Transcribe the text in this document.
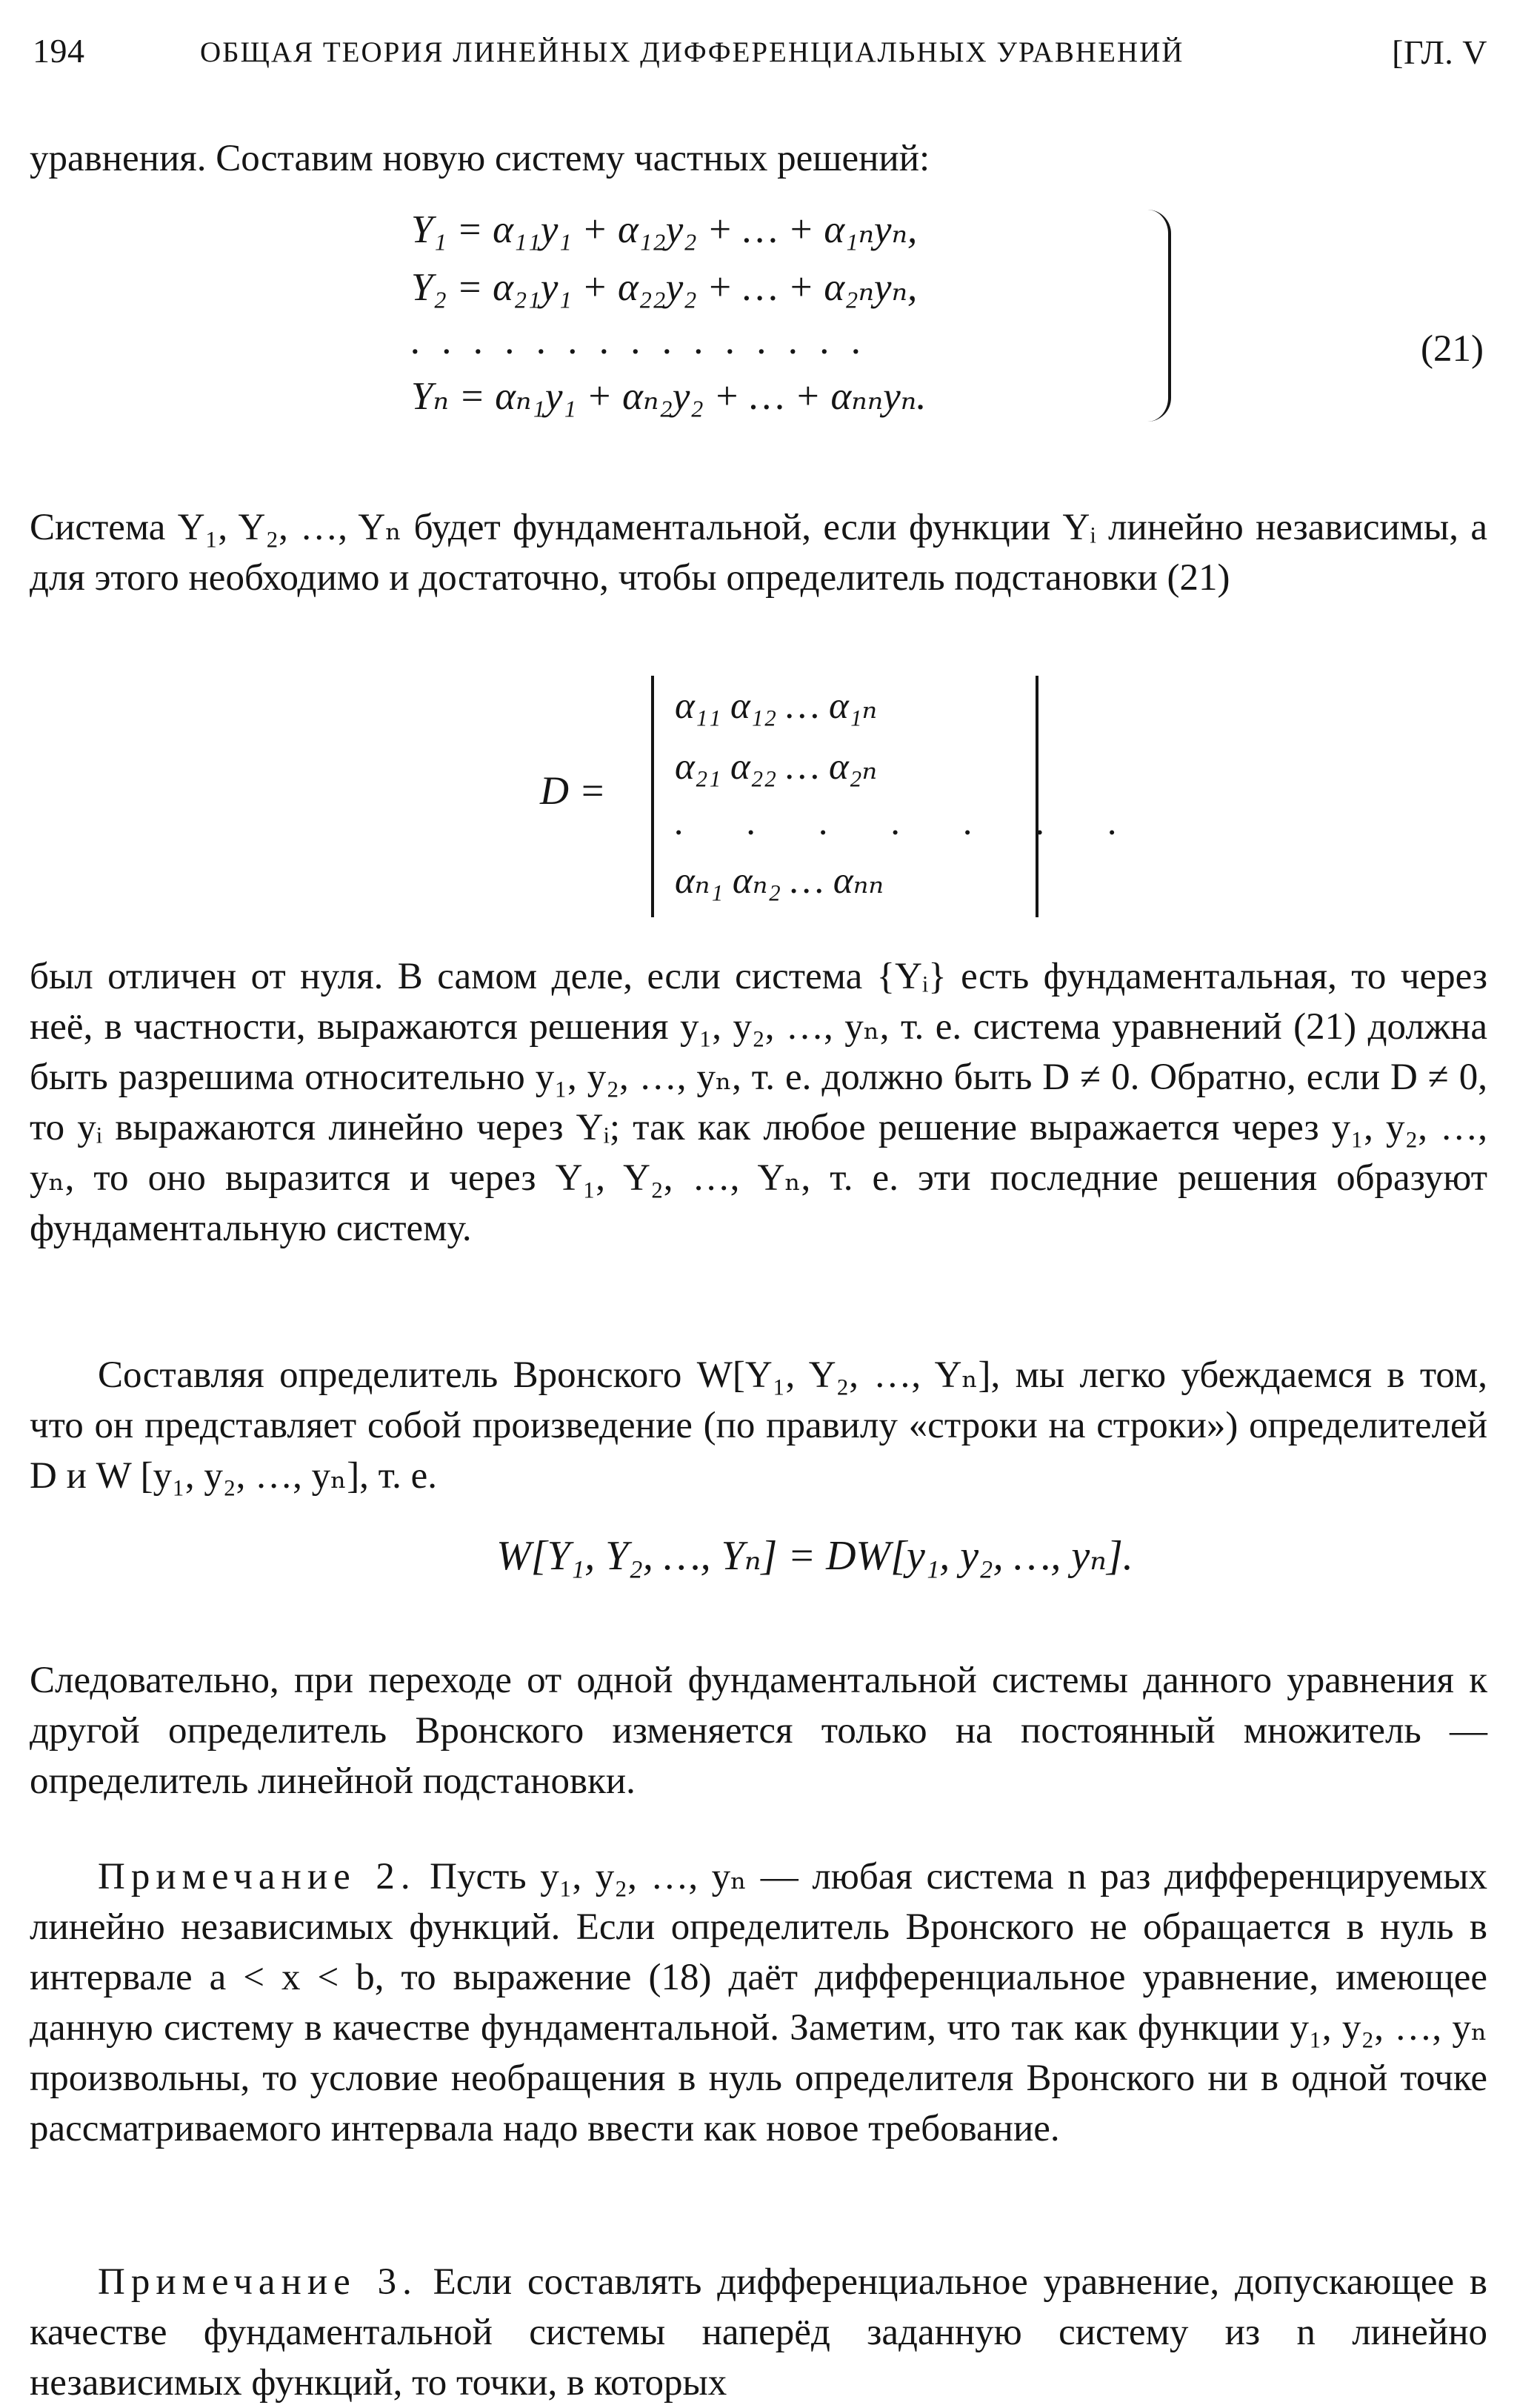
194	ОБЩАЯ ТЕОРИЯ ЛИНЕЙНЫХ ДИФФЕРЕНЦИАЛЬНЫХ УРАВНЕНИЙ	[ГЛ. V

уравнения. Составим новую систему частных решений:

Y₁ = α₁₁y₁ + α₁₂y₂ + … + α₁ₙyₙ,
Y₂ = α₂₁y₁ + α₂₂y₂ + … + α₂ₙyₙ,
. . . . . . . . . . . . . . .
Yₙ = αₙ₁y₁ + αₙ₂y₂ + … + αₙₙyₙ.
(21)

Система Y₁, Y₂, …, Yₙ будет фундаментальной, если функции Yᵢ линейно независимы, а для этого необходимо и достаточно, чтобы определитель подстановки (21)

D =
α₁₁ α₁₂ … α₁ₙ
α₂₁ α₂₂ … α₂ₙ
. . . . . . .
αₙ₁ αₙ₂ … αₙₙ

был отличен от нуля. В самом деле, если система {Yᵢ} есть фундаментальная, то через неё, в частности, выражаются решения y₁, y₂, …, yₙ, т. е. система уравнений (21) должна быть разрешима относительно y₁, y₂, …, yₙ, т. е. должно быть D ≠ 0. Обратно, если D ≠ 0, то yᵢ выражаются линейно через Yᵢ; так как любое решение выражается через y₁, y₂, …, yₙ, то оно выразится и через Y₁, Y₂, …, Yₙ, т. е. эти последние решения образуют фундаментальную систему.

Составляя определитель Вронского W[Y₁, Y₂, …, Yₙ], мы легко убеждаемся в том, что он представляет собой произведение (по правилу «строки на строки») определителей D и W [y₁, y₂, …, yₙ], т. е.

W[Y₁, Y₂, …, Yₙ] = DW[y₁, y₂, …, yₙ].

Следовательно, при переходе от одной фундаментальной системы данного уравнения к другой определитель Вронского изменяется только на постоянный множитель — определитель линейной подстановки.

Примечание 2. Пусть y₁, y₂, …, yₙ — любая система n раз дифференцируемых линейно независимых функций. Если определитель Вронского не обращается в нуль в интервале a < x < b, то выражение (18) даёт дифференциальное уравнение, имеющее данную систему в качестве фундаментальной. Заметим, что так как функции y₁, y₂, …, yₙ произвольны, то условие необращения в нуль определителя Вронского ни в одной точке рассматриваемого интервала надо ввести как новое требование.

Примечание 3. Если составлять дифференциальное уравнение, допускающее в качестве фундаментальной системы наперёд заданную систему из n линейно независимых функций, то точки, в которых
